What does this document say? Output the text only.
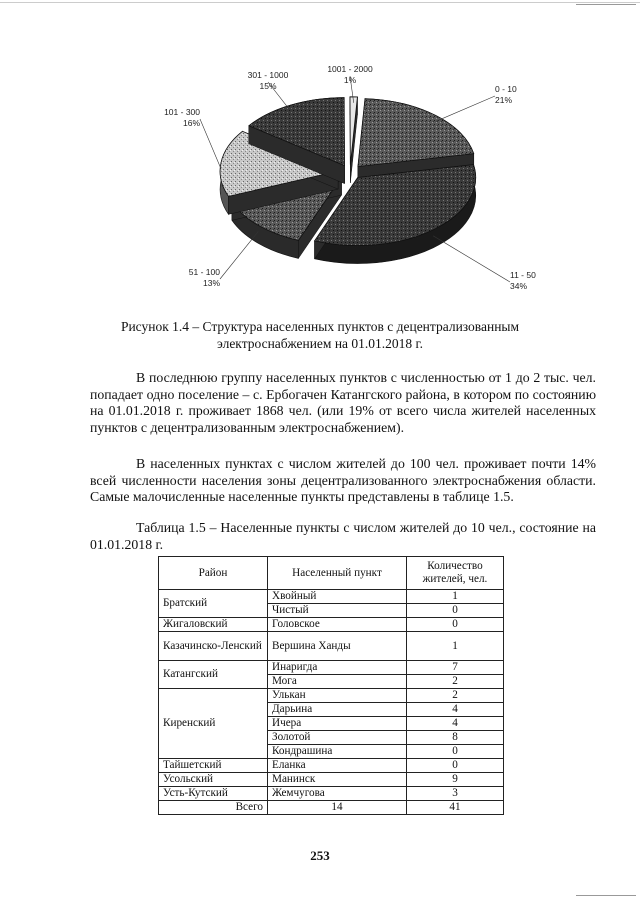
0 - 10
21%
11 - 50
34%
51 - 100
13%
101 - 300
16%
301 - 1000
15%
1001 - 2000
1%
Рисунок 1.4 – Структура населенных пунктов с децентрализованным электроснабжением на 01.01.2018 г.
В последнюю группу населенных пунктов с численностью от 1 до 2 тыс. чел. попадает одно поселение – с. Ербогачен Катангского района, в котором по состоянию на 01.01.2018 г. проживает 1868 чел. (или 19% от всего числа жителей населенных пунктов с децентрализованным электроснабжением).
В населенных пунктах с числом жителей до 100 чел. проживает почти 14% всей численности населения зоны децентрализованного электроснабжения области. Самые малочисленные населенные пункты представлены в таблице 1.5.
Таблица 1.5 – Населенные пункты с числом жителей до 10 чел., состояние на 01.01.2018 г.
Район	Населенный пункт	Количество жителей, чел.
Братский	Хвойный	1
	Чистый	0
Жигаловский	Головское	0
Казачинско-Ленский	Вершина Ханды	1
Катангский	Инаригда	7
	Мога	2
Киренский	Улькан	2
	Дарьина	4
	Ичера	4
	Золотой	8
	Кондрашина	0
Тайшетский	Еланка	0
Усольский	Манинск	9
Усть-Кутский	Жемчугова	3
Всего	14	41
253
